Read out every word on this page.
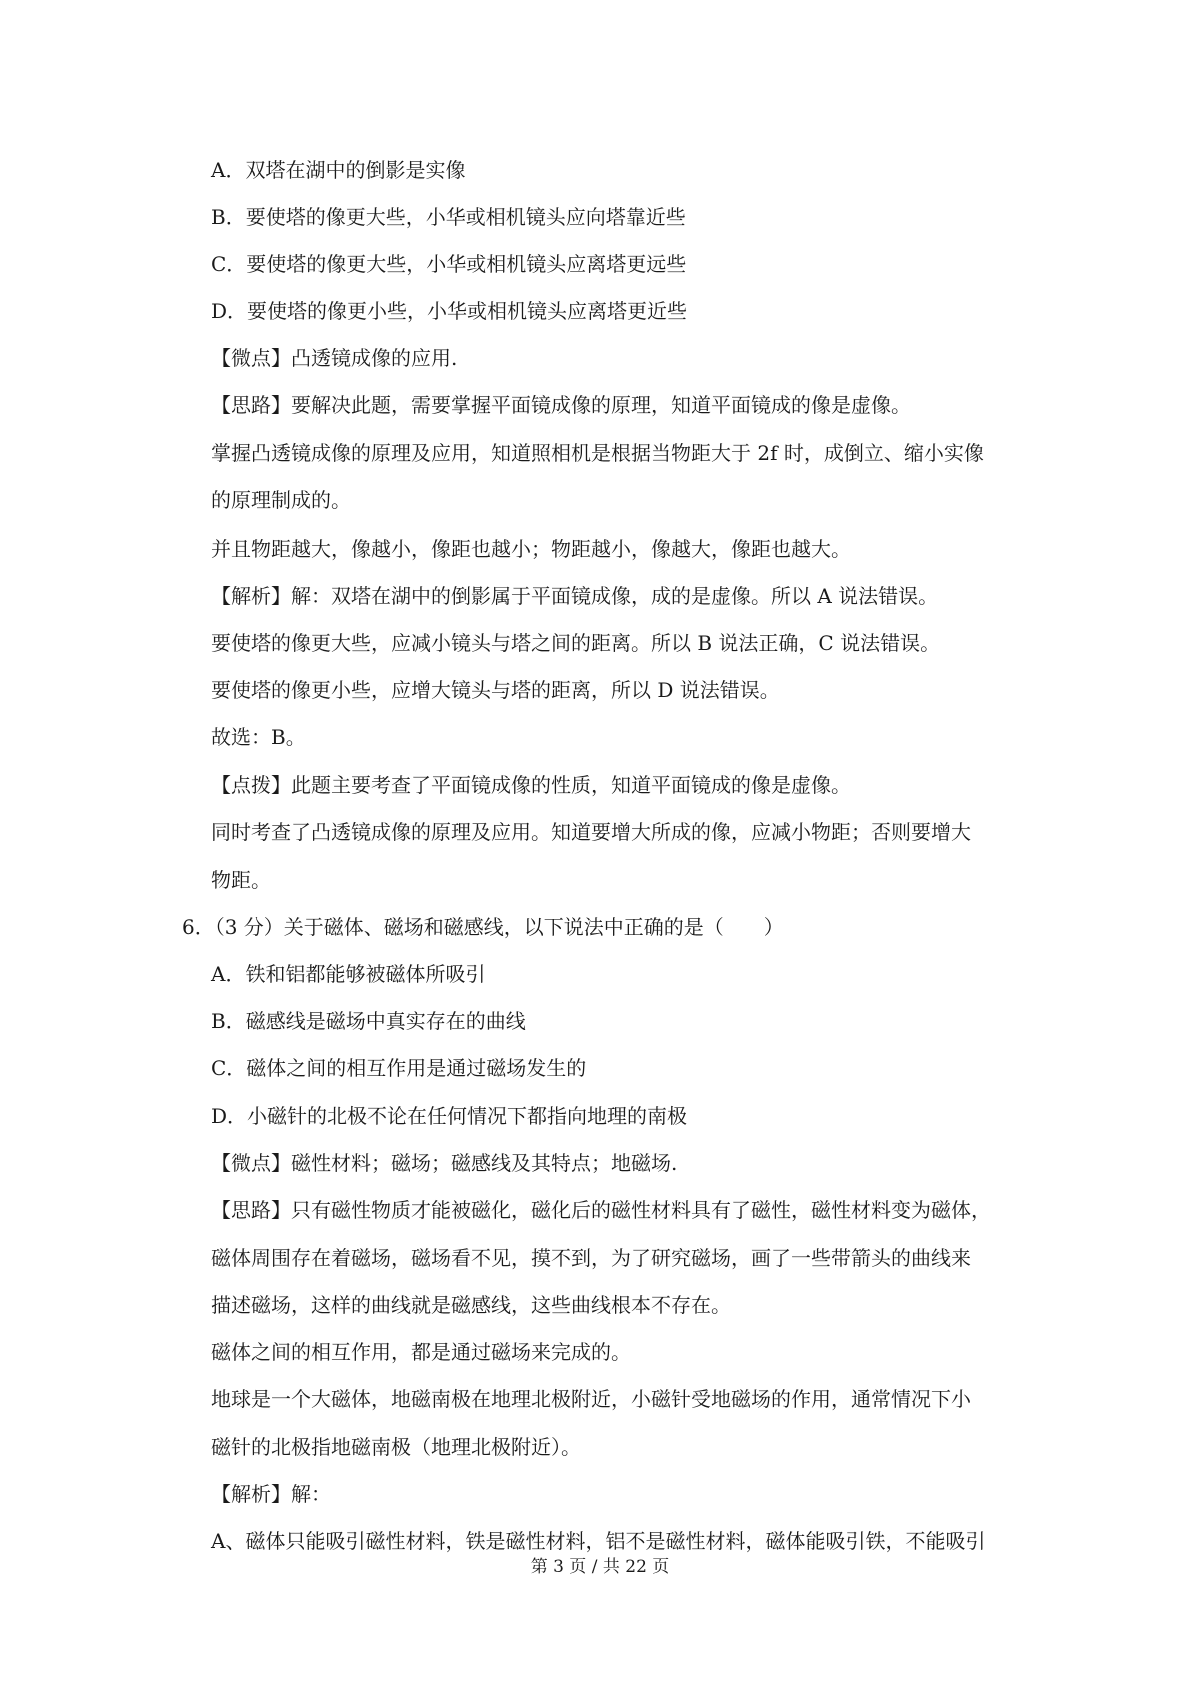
A．双塔在湖中的倒影是实像
B．要使塔的像更大些，小华或相机镜头应向塔靠近些
C．要使塔的像更大些，小华或相机镜头应离塔更远些
D．要使塔的像更小些，小华或相机镜头应离塔更近些
【微点】凸透镜成像的应用.
【思路】要解决此题，需要掌握平面镜成像的原理，知道平面镜成的像是虚像。
掌握凸透镜成像的原理及应用，知道照相机是根据当物距大于 2f 时，成倒立、缩小实像
的原理制成的。
并且物距越大，像越小，像距也越小；物距越小，像越大，像距也越大。
【解析】解：双塔在湖中的倒影属于平面镜成像，成的是虚像。所以 A 说法错误。
要使塔的像更大些，应减小镜头与塔之间的距离。所以 B 说法正确，C 说法错误。
要使塔的像更小些，应增大镜头与塔的距离，所以 D 说法错误。
故选：B。
【点拨】此题主要考查了平面镜成像的性质，知道平面镜成的像是虚像。
同时考查了凸透镜成像的原理及应用。知道要增大所成的像，应减小物距；否则要增大
物距。
6．（3 分）关于磁体、磁场和磁感线，以下说法中正确的是（　　）
A．铁和铝都能够被磁体所吸引
B．磁感线是磁场中真实存在的曲线
C．磁体之间的相互作用是通过磁场发生的
D．小磁针的北极不论在任何情况下都指向地理的南极
【微点】磁性材料；磁场；磁感线及其特点；地磁场.
【思路】只有磁性物质才能被磁化，磁化后的磁性材料具有了磁性，磁性材料变为磁体，
磁体周围存在着磁场，磁场看不见，摸不到，为了研究磁场，画了一些带箭头的曲线来
描述磁场，这样的曲线就是磁感线，这些曲线根本不存在。
磁体之间的相互作用，都是通过磁场来完成的。
地球是一个大磁体，地磁南极在地理北极附近，小磁针受地磁场的作用，通常情况下小
磁针的北极指地磁南极（地理北极附近）。
【解析】解：
A、磁体只能吸引磁性材料，铁是磁性材料，铝不是磁性材料，磁体能吸引铁，不能吸引
第 3 页 / 共 22 页
